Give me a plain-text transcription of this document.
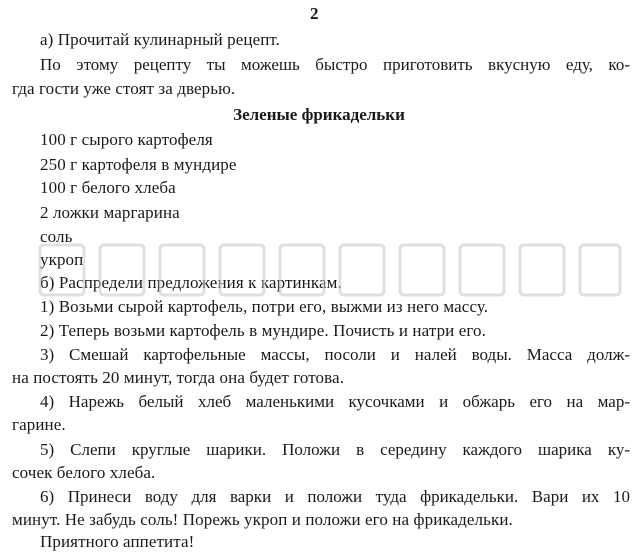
2
а) Прочитай кулинарный рецепт.
По этому рецепту ты можешь быстро приготовить вкусную еду, ко-
гда гости уже стоят за дверью.
Зеленые фрикадельки
100 г сырого картофеля
250 г картофеля в мундире
100 г белого хлеба
2 ложки маргарина
соль
укроп
б) Распредели предложения к картинкам.
1) Возьми сырой картофель, потри его, выжми из него массу.
2) Теперь возьми картофель в мундире. Почисть и натри его.
3) Смешай картофельные массы, посоли и налей воды. Масса долж-
на постоять 20 минут, тогда она будет готова.
4) Нарежь белый хлеб маленькими кусочками и обжарь его на мар-
гарине.
5) Слепи круглые шарики. Положи в середину каждого шарика ку-
сочек белого хлеба.
6) Принеси воду для варки и положи туда фрикадельки. Вари их 10
минут. Не забудь соль! Порежь укроп и положи его на фрикадельки.
Приятного аппетита!
